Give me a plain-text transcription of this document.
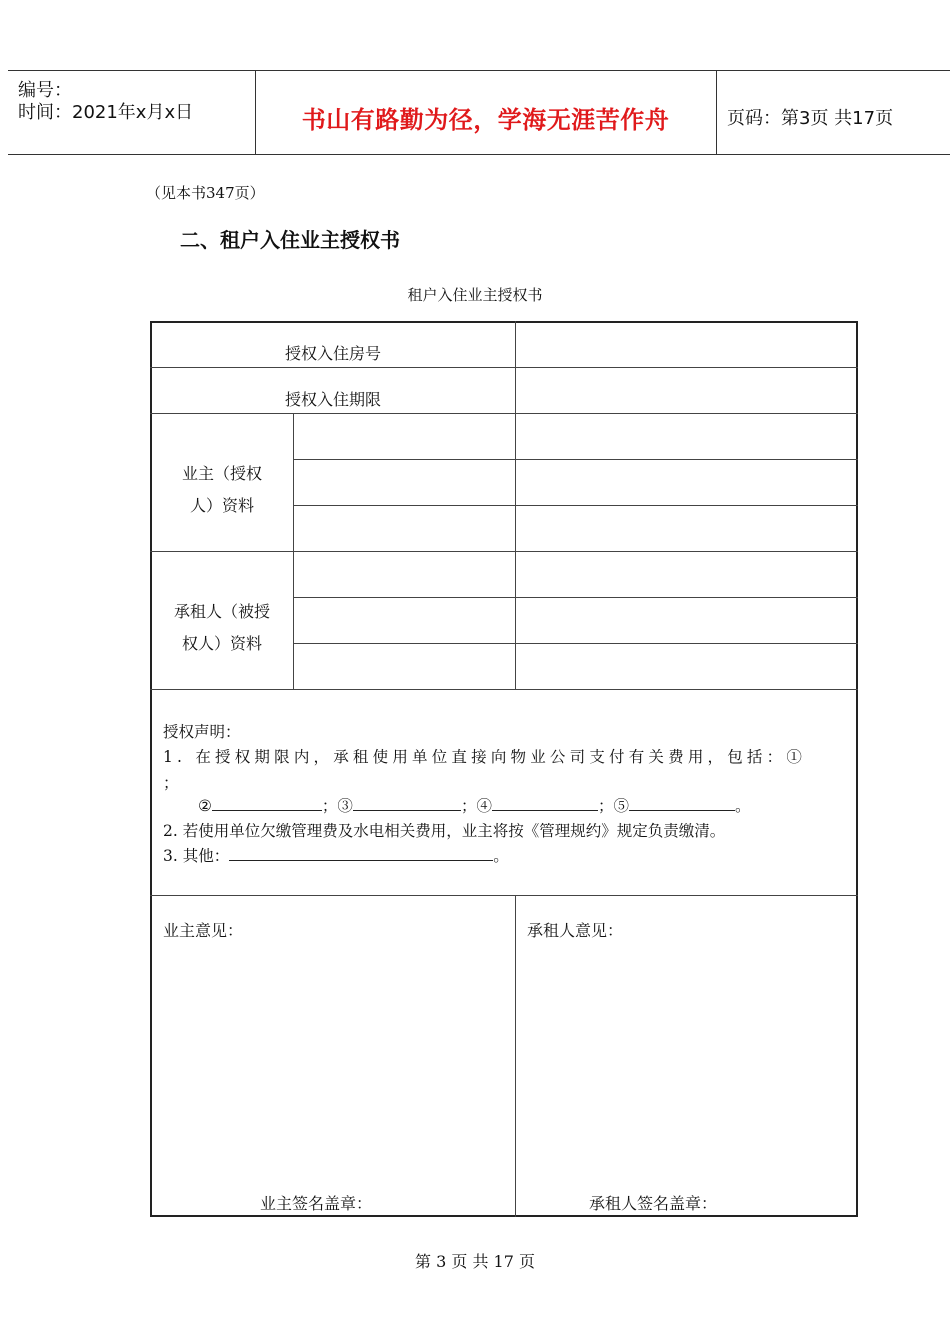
编号：
时间：2021年x月x日	书山有路勤为径，学海无涯苦作舟	页码：第3页 共17页
（见本书347页）
二、租户入住业主授权书
租户入住业主授权书
授权入住房号
授权入住期限
业主（授权
人）资料
承租人（被授
权人）资料
授权声明：
1. 在授权期限内，承租使用单位直接向物业公司支付有关费用，包括：①
；
②	；③	；④	；⑤	。
2. 若使用单位欠缴管理费及水电相关费用，业主将按《管理规约》规定负责缴清。
3. 其他：	。
业主意见：	承租人意见：
业主签名盖章：	承租人签名盖章：
第 3 页 共 17 页
